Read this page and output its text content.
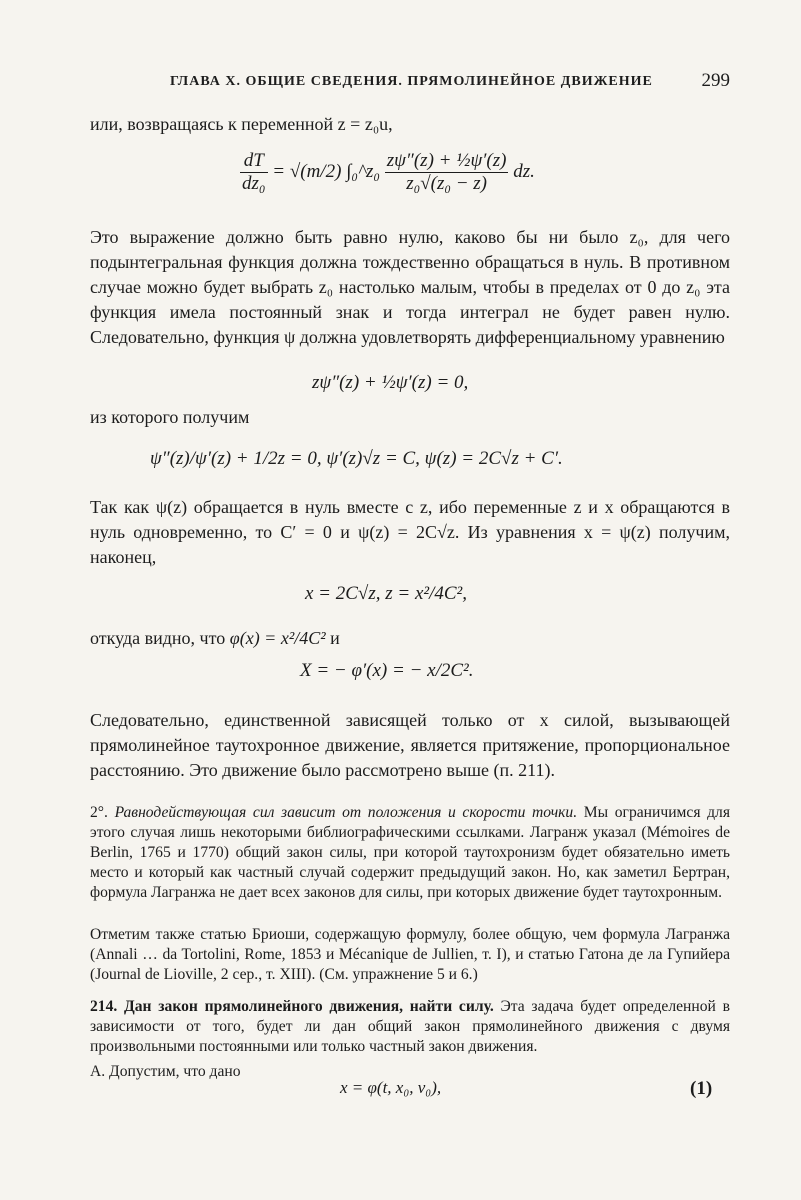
ГЛАВА X. ОБЩИЕ СВЕДЕНИЯ. ПРЯМОЛИНЕЙНОЕ ДВИЖЕНИЕ	299
или, возвращаясь к переменной z = z₀u,
$\frac{dT}{\text{dz₀}} = √(m/2)$ ∫₀^z₀ $\frac{\text{zψ″(z) + ½ψ′(z)}}{\text{z₀√(z₀ − z)}}$ dz.
Это выражение должно быть равно нулю, каково бы ни было z₀, для чего подынтегральная функция должна тождественно обращаться в нуль. В противном случае можно будет выбрать z₀ настолько малым, чтобы в пределах от 0 до z₀ эта функция имела постоянный знак и тогда интеграл не будет равен нулю. Следовательно, функция ψ должна удовлетворять дифференциальному уравнению
zψ″(z) + ½ψ′(z) = 0,
из которого получим
ψ″(z)/ψ′(z) + 1/2z = 0, ψ′(z)√z = C, ψ(z) = 2C√z + C′.
Так как ψ(z) обращается в нуль вместе с z, ибо переменные z и x обращаются в нуль одновременно, то C′ = 0 и ψ(z) = 2C√z. Из уравнения x = ψ(z) получим, наконец,
x = 2C√z, z = x²/4C²,
откуда видно, что φ(x) = x²/4C² и
X = − φ′(x) = − x/2C².
Следовательно, единственной зависящей только от x силой, вызывающей прямолинейное таутохронное движение, является притяжение, пропорциональное расстоянию. Это движение было рассмотрено выше (п. 211).
2°. Равнодействующая сил зависит от положения и скорости точки. Мы ограничимся для этого случая лишь некоторыми библиографическими ссылками. Лагранж указал (Mémoires de Berlin, 1765 и 1770) общий закон силы, при которой таутохронизм будет обязательно иметь место и который как частный случай содержит предыдущий закон. Но, как заметил Бертран, формула Лагранжа не дает всех законов для силы, при которых движение будет таутохронным.
Отметим также статью Бриоши, содержащую формулу, более общую, чем формула Лагранжа (Annali … da Tortolini, Rome, 1853 и Mécanique de Jullien, т. I), и статью Гатона де ла Гупийера (Journal de Lioville, 2 сер., т. XIII). (См. упражнение 5 и 6.)
214. Дан закон прямолинейного движения, найти силу. Эта задача будет определенной в зависимости от того, будет ли дан общий закон прямолинейного движения с двумя произвольными постоянными или только частный закон движения.
А. Допустим, что дано
x = φ(t, x₀, v₀),	(1)
